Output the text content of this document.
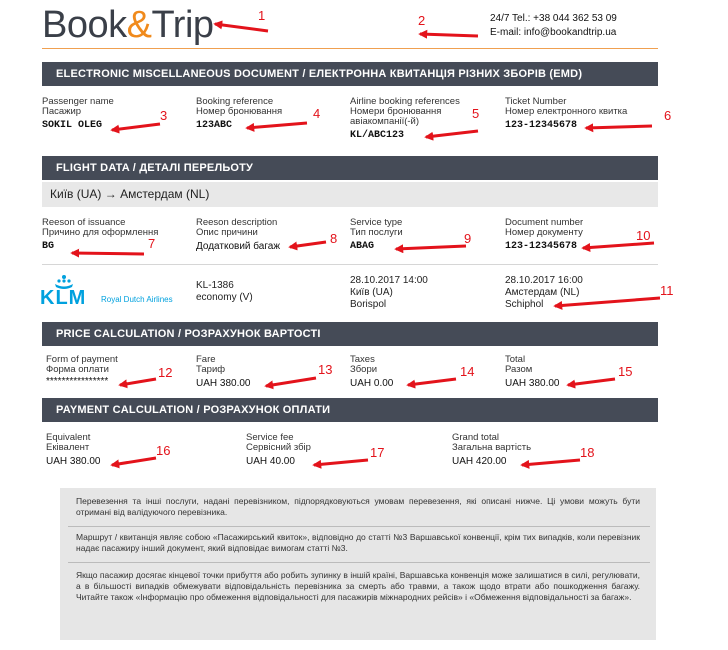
Book&Trip	24/7 Tel.: +38 044 362 53 09
E-mail: info@bookandtrip.ua
ELECTRONIC MISCELLANEOUS DOCUMENT / ЕЛЕКТРОННА КВИТАНЦІЯ РІЗНИХ ЗБОРІВ (EMD)
Passenger name
Пасажир
SOKIL OLEG
Booking reference
Номер бронювання
123ABC
Airline booking references
Номери бронювання
авіакомпанії(-й)
KL/ABC123
Ticket Number
Номер електронного квитка
123-12345678
FLIGHT DATA / ДЕТАЛІ ПЕРЕЛЬОТУ
Київ (UA) → Амстердам (NL)
Reeson of issuance
Причино для оформлення
BG
Reeson description
Опис причини
Додатковий багаж
Service type
Тип послуги
ABAG
Document number
Номер документу
123-12345678
KLM Royal Dutch Airlines
KL-1386
economy (V)
28.10.2017 14:00
Київ (UA)
Borispol
28.10.2017 16:00
Амстердам (NL)
Schiphol
PRICE CALCULATION / РОЗРАХУНОК ВАРТОСТІ
Form of payment
Форма оплати
****************
Fare
Тариф
UAH 380.00
Taxes
Збори
UAH 0.00
Total
Разом
UAH 380.00
PAYMENT CALCULATION / РОЗРАХУНОК ОПЛАТИ
Equivalent
Еківалент
UAH 380.00
Service fee
Сервісний збір
UAH 40.00
Grand total
Загальна вартість
UAH 420.00

Перевезення та інші послуги, надані перевізником, підпорядковуються умовам перевезення, які описані нижче. Ці умови можуть бути отримані від валідуючого перевізника.

Маршрут / квитанція являє собою «Пасажирський квиток», відповідно до статті №3 Варшавської конвенції, крім тих випадків, коли перевізник надає пасажиру інший документ, який відповідає вимогам статті №3.

Якщо пасажир досягає кінцевої точки прибуття або робить зупинку в іншій країні, Варшавська конвенція може залишатися в силі, регулювати, а в більшості випадків обмежувати відповідальність перевізника за смерть або травми, а також щодо втрати або пошкодження багажу. Читайте також «Інформацію про обмеження відповідальності для пасажирів міжнародних рейсів» і «Обмеження відповідальності за багаж».

1	2
3	4	5	6
7	8	9	10
11
12	13	14	15
16	17	18
